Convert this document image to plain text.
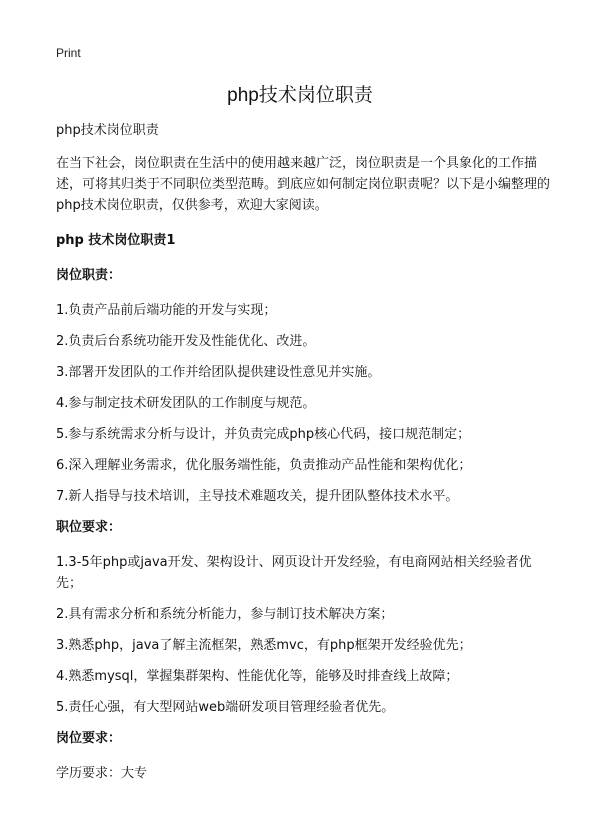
Print
php技术岗位职责

php技术岗位职责

在当下社会，岗位职责在生活中的使用越来越广泛，岗位职责是一个具象化的工作描述，可将其归类于不同职位类型范畴。到底应如何制定岗位职责呢？以下是小编整理的php技术岗位职责，仅供参考，欢迎大家阅读。

php 技术岗位职责1

岗位职责：

1.负责产品前后端功能的开发与实现；

2.负责后台系统功能开发及性能优化、改进。

3.部署开发团队的工作并给团队提供建设性意见并实施。

4.参与制定技术研发团队的工作制度与规范。

5.参与系统需求分析与设计，并负责完成php核心代码，接口规范制定；

6.深入理解业务需求，优化服务端性能，负责推动产品性能和架构优化；

7.新人指导与技术培训，主导技术难题攻关，提升团队整体技术水平。

职位要求：

1.3-5年php或java开发、架构设计、网页设计开发经验，有电商网站相关经验者优先；

2.具有需求分析和系统分析能力，参与制订技术解决方案；

3.熟悉php，java了解主流框架，熟悉mvc，有php框架开发经验优先；

4.熟悉mysql，掌握集群架构、性能优化等，能够及时排查线上故障；

5.责任心强，有大型网站web端研发项目管理经验者优先。

岗位要求：

学历要求：大专
